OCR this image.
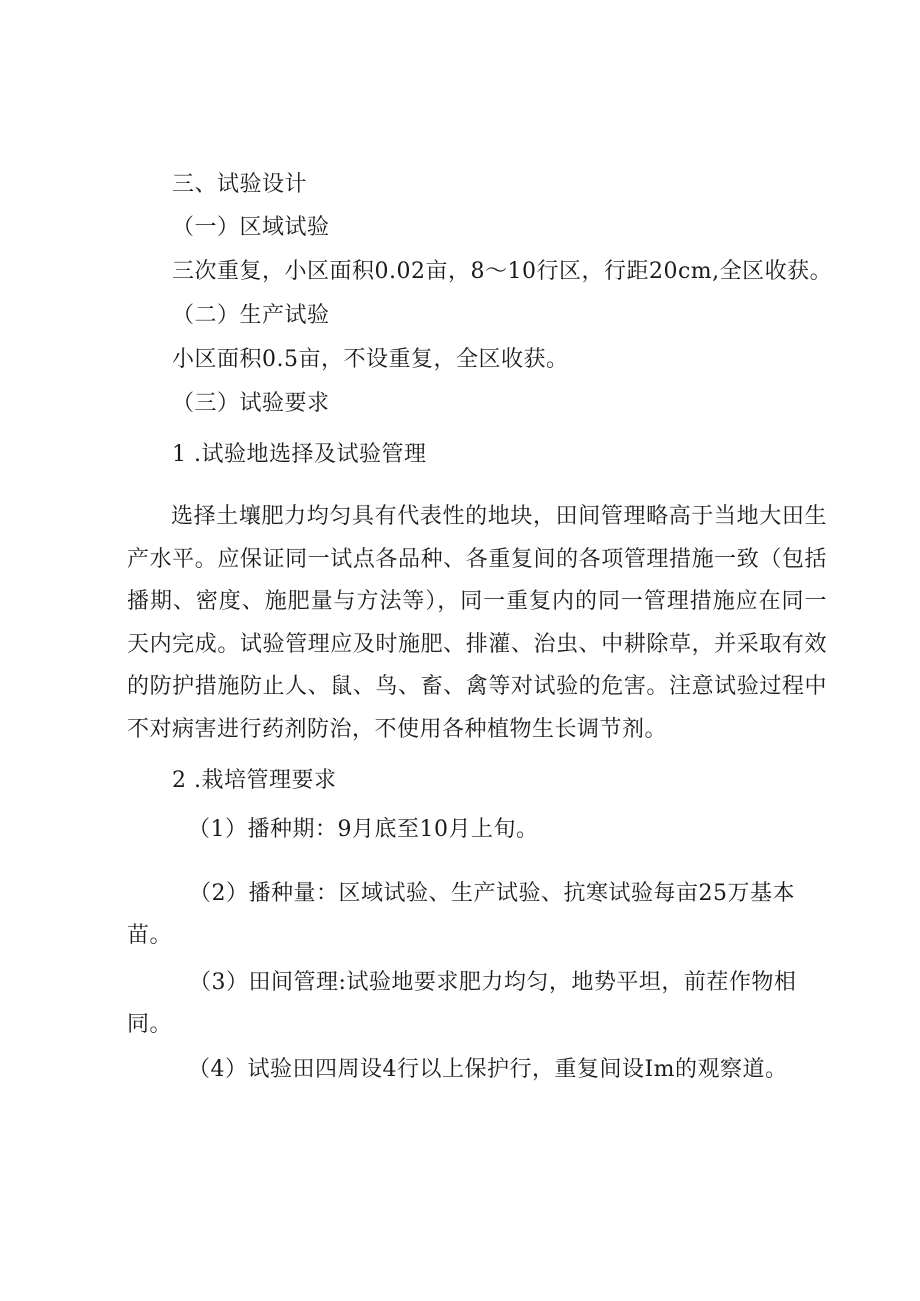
三、试验设计

（一）区域试验

三次重复，小区面积0.02亩，8～10行区，行距20cm,全区收获。

（二）生产试验

小区面积0.5亩，不设重复，全区收获。

（三）试验要求

1 .试验地选择及试验管理

选择土壤肥力均匀具有代表性的地块，田间管理略高于当地大田生产水平。应保证同一试点各品种、各重复间的各项管理措施一致（包括播期、密度、施肥量与方法等），同一重复内的同一管理措施应在同一天内完成。试验管理应及时施肥、排灌、治虫、中耕除草，并采取有效的防护措施防止人、鼠、鸟、畜、禽等对试验的危害。注意试验过程中不对病害进行药剂防治，不使用各种植物生长调节剂。

2 .栽培管理要求

（1）播种期：9月底至10月上旬。

（2）播种量：区域试验、生产试验、抗寒试验每亩25万基本苗。

（3）田间管理:试验地要求肥力均匀，地势平坦，前茬作物相同。

（4）试验田四周设4行以上保护行，重复间设Im的观察道。
